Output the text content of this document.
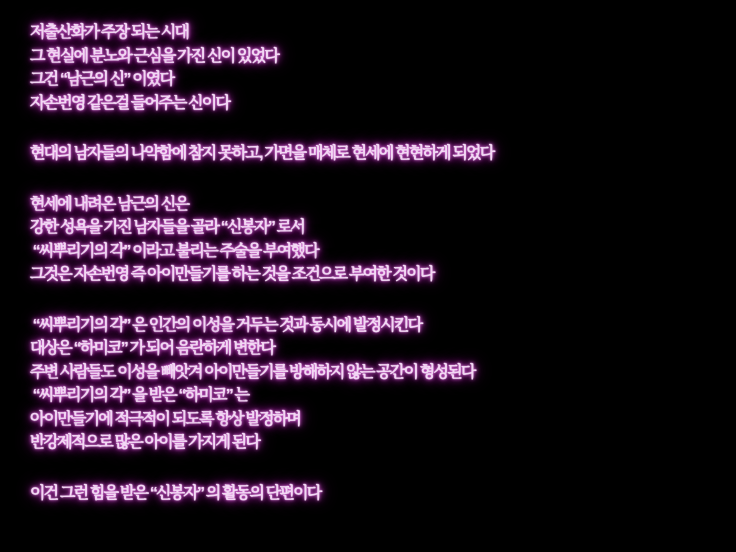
저출산화가 주장 되는 시대
그 현실에 분노와 근심을 가진 신이 있었다
그건 “남근의 신” 이였다
자손번영 같은걸 들어주는 신이다
현대의 남자들의 나약함에 참지 못하고, 가면을 매체로 현세에 현현하게 되었다
현세에 내려온 남근의 신은
강한 성욕을 가진 남자들을 골라 “신봉자” 로서
“씨뿌리기의 각” 이라고 불리는 주술을 부여했다
그것은 자손번영 즉 아이만들기를 하는 것을 조건으로 부여한 것이다
“씨뿌리기의 각” 은 인간의 이성을 거두는 것과 동시에 발정시킨다
대상은 “하미코” 가 되어 음란하게 변한다
주변 사람들도 이성을 빼앗겨 아이만들기를 방해하지 않는 공간이 형성된다
“씨뿌리기의 각” 을 받은 “하미코” 는
아이만들기에 적극적이 되도록 항상 발정하며
반강제적으로 많은 아이를 가지게 된다
이건 그런 힘을 받은 “신봉자” 의 활동의 단편이다
